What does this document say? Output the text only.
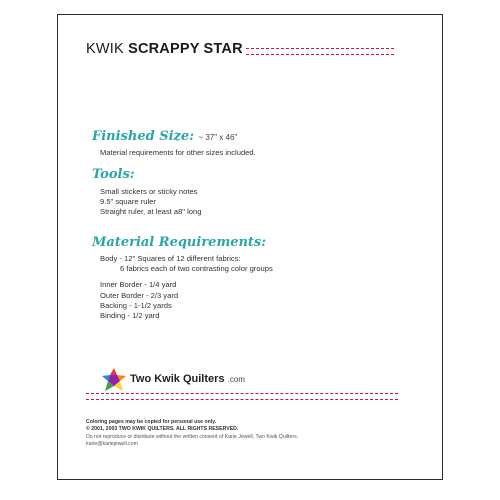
KWIK SCRAPPY STAR
Finished Size: ~ 37" x 46"
Material requirements for other sizes included.
Tools:
Small stickers or sticky notes
9.5" square ruler
Straight ruler, at least a8" long
Material Requirements:
Body - 12" Squares of 12 different fabrics:
6 fabrics each of two contrasting color groups
Inner Border - 1/4 yard
Outer Border - 2/3 yard
Backing - 1-1/2 yards
Binding - 1/2 yard
Two Kwik Quilters .com
Coloring pages may be copied for personal use only.
© 2001, 2003 TWO KWIK QUILTERS. ALL RIGHTS RESERVED.
Do not reproduce or distribute without the written consent of Karie Jewell, Two Kwik Quilters.
karie@kariejewell.com
